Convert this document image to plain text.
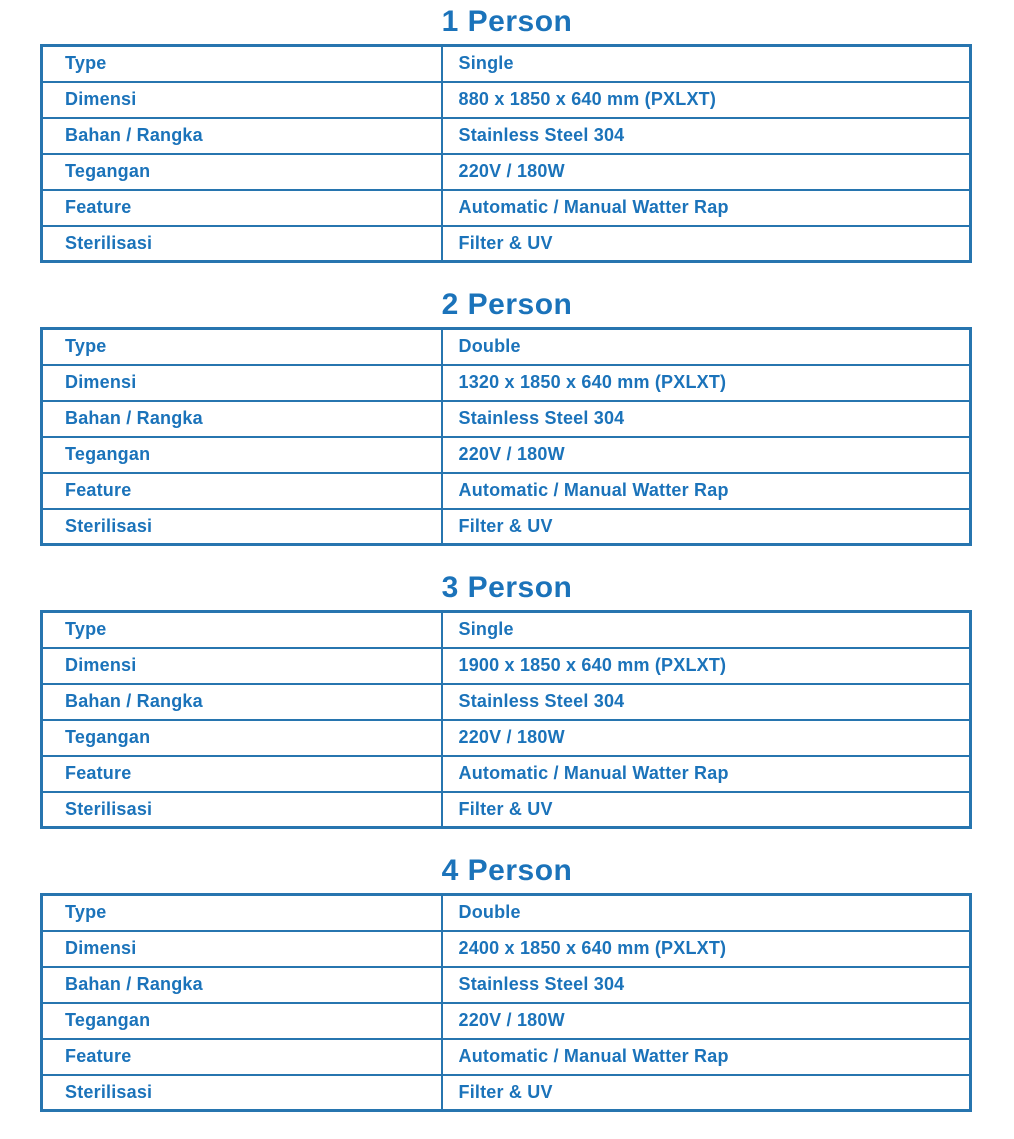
1 Person
Type	Single
Dimensi	880 x 1850 x 640 mm (PXLXT)
Bahan / Rangka	Stainless Steel 304
Tegangan	220V / 180W
Feature	Automatic / Manual Watter Rap
Sterilisasi	Filter & UV
2 Person
Type	Double
Dimensi	1320 x 1850 x 640 mm (PXLXT)
Bahan / Rangka	Stainless Steel 304
Tegangan	220V / 180W
Feature	Automatic / Manual Watter Rap
Sterilisasi	Filter & UV
3 Person
Type	Single
Dimensi	1900 x 1850 x 640 mm (PXLXT)
Bahan / Rangka	Stainless Steel 304
Tegangan	220V / 180W
Feature	Automatic / Manual Watter Rap
Sterilisasi	Filter & UV
4 Person
Type	Double
Dimensi	2400 x 1850 x 640 mm (PXLXT)
Bahan / Rangka	Stainless Steel 304
Tegangan	220V / 180W
Feature	Automatic / Manual Watter Rap
Sterilisasi	Filter & UV
